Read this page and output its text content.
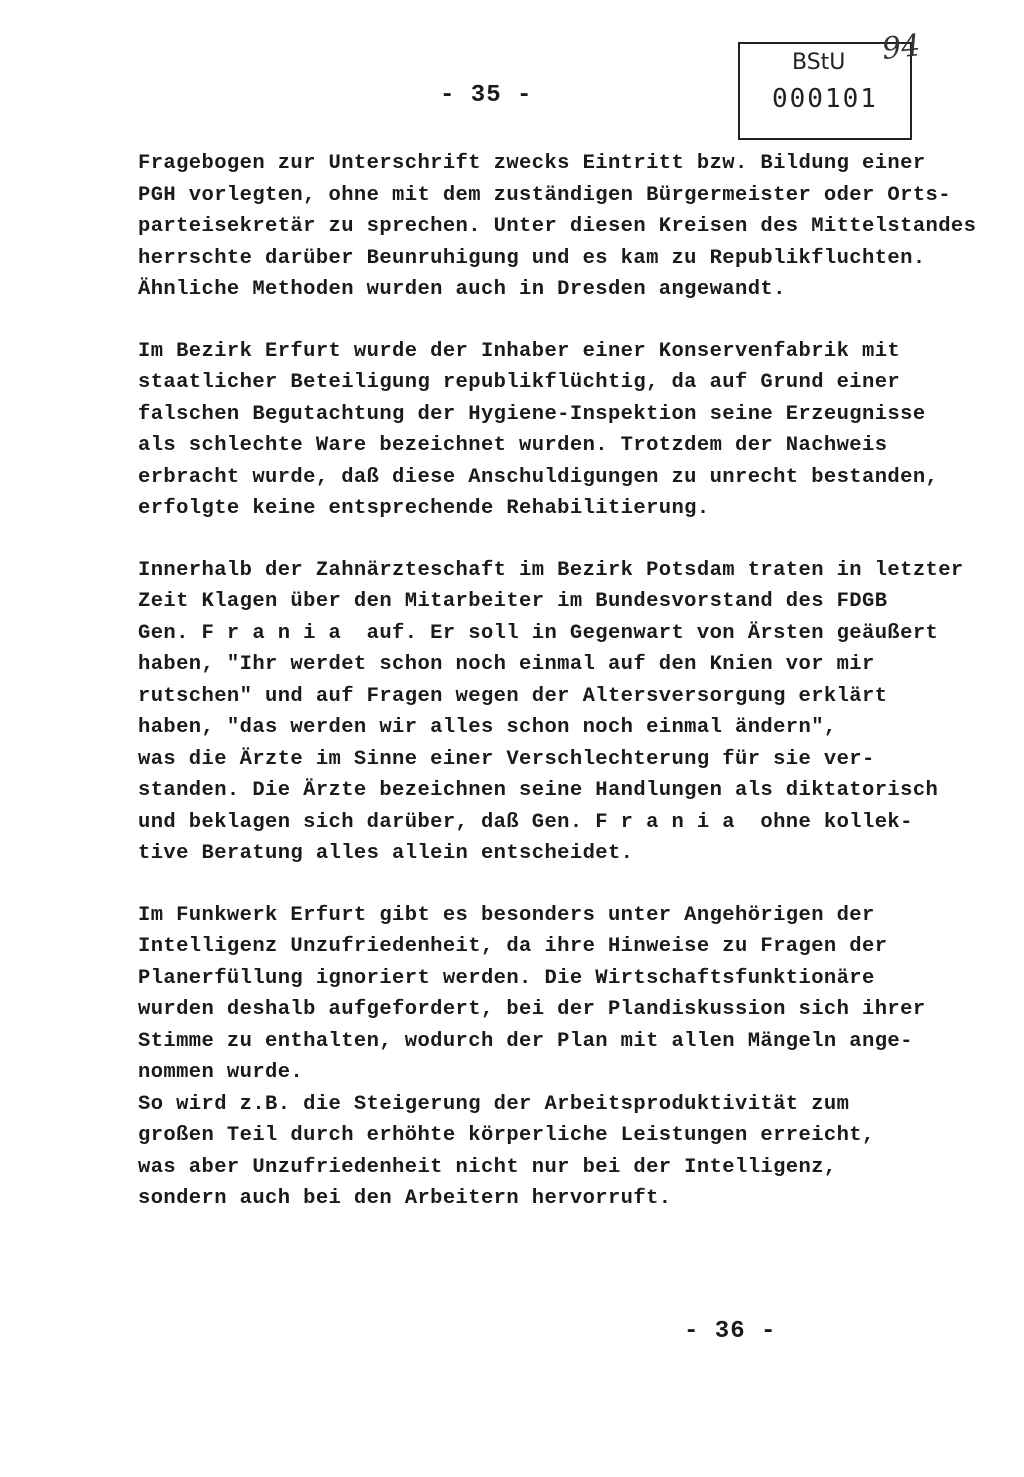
- 35 -
BStU
000101
94
Fragebogen zur Unterschrift zwecks Eintritt bzw. Bildung einer
PGH vorlegten, ohne mit dem zuständigen Bürgermeister oder Orts-
parteisekretär zu sprechen. Unter diesen Kreisen des Mittelstandes
herrschte darüber Beunruhigung und es kam zu Republikfluchten.
Ähnliche Methoden wurden auch in Dresden angewandt.
Im Bezirk Erfurt wurde der Inhaber einer Konservenfabrik mit
staatlicher Beteiligung republikflüchtig, da auf Grund einer
falschen Begutachtung der Hygiene-Inspektion seine Erzeugnisse
als schlechte Ware bezeichnet wurden. Trotzdem der Nachweis
erbracht wurde, daß diese Anschuldigungen zu unrecht bestanden,
erfolgte keine entsprechende Rehabilitierung.
Innerhalb der Zahnärzteschaft im Bezirk Potsdam traten in letzter
Zeit Klagen über den Mitarbeiter im Bundesvorstand des FDGB
Gen. F r a n i a  auf. Er soll in Gegenwart von Ärsten geäußert
haben, "Ihr werdet schon noch einmal auf den Knien vor mir
rutschen" und auf Fragen wegen der Altersversorgung erklärt
haben, "das werden wir alles schon noch einmal ändern",
was die Ärzte im Sinne einer Verschlechterung für sie ver-
standen. Die Ärzte bezeichnen seine Handlungen als diktatorisch
und beklagen sich darüber, daß Gen. F r a n i a  ohne kollek-
tive Beratung alles allein entscheidet.
Im Funkwerk Erfurt gibt es besonders unter Angehörigen der
Intelligenz Unzufriedenheit, da ihre Hinweise zu Fragen der
Planerfüllung ignoriert werden. Die Wirtschaftsfunktionäre
wurden deshalb aufgefordert, bei der Plandiskussion sich ihrer
Stimme zu enthalten, wodurch der Plan mit allen Mängeln ange-
nommen wurde.
So wird z.B. die Steigerung der Arbeitsproduktivität zum
großen Teil durch erhöhte körperliche Leistungen erreicht,
was aber Unzufriedenheit nicht nur bei der Intelligenz,
sondern auch bei den Arbeitern hervorruft.
- 36 -
